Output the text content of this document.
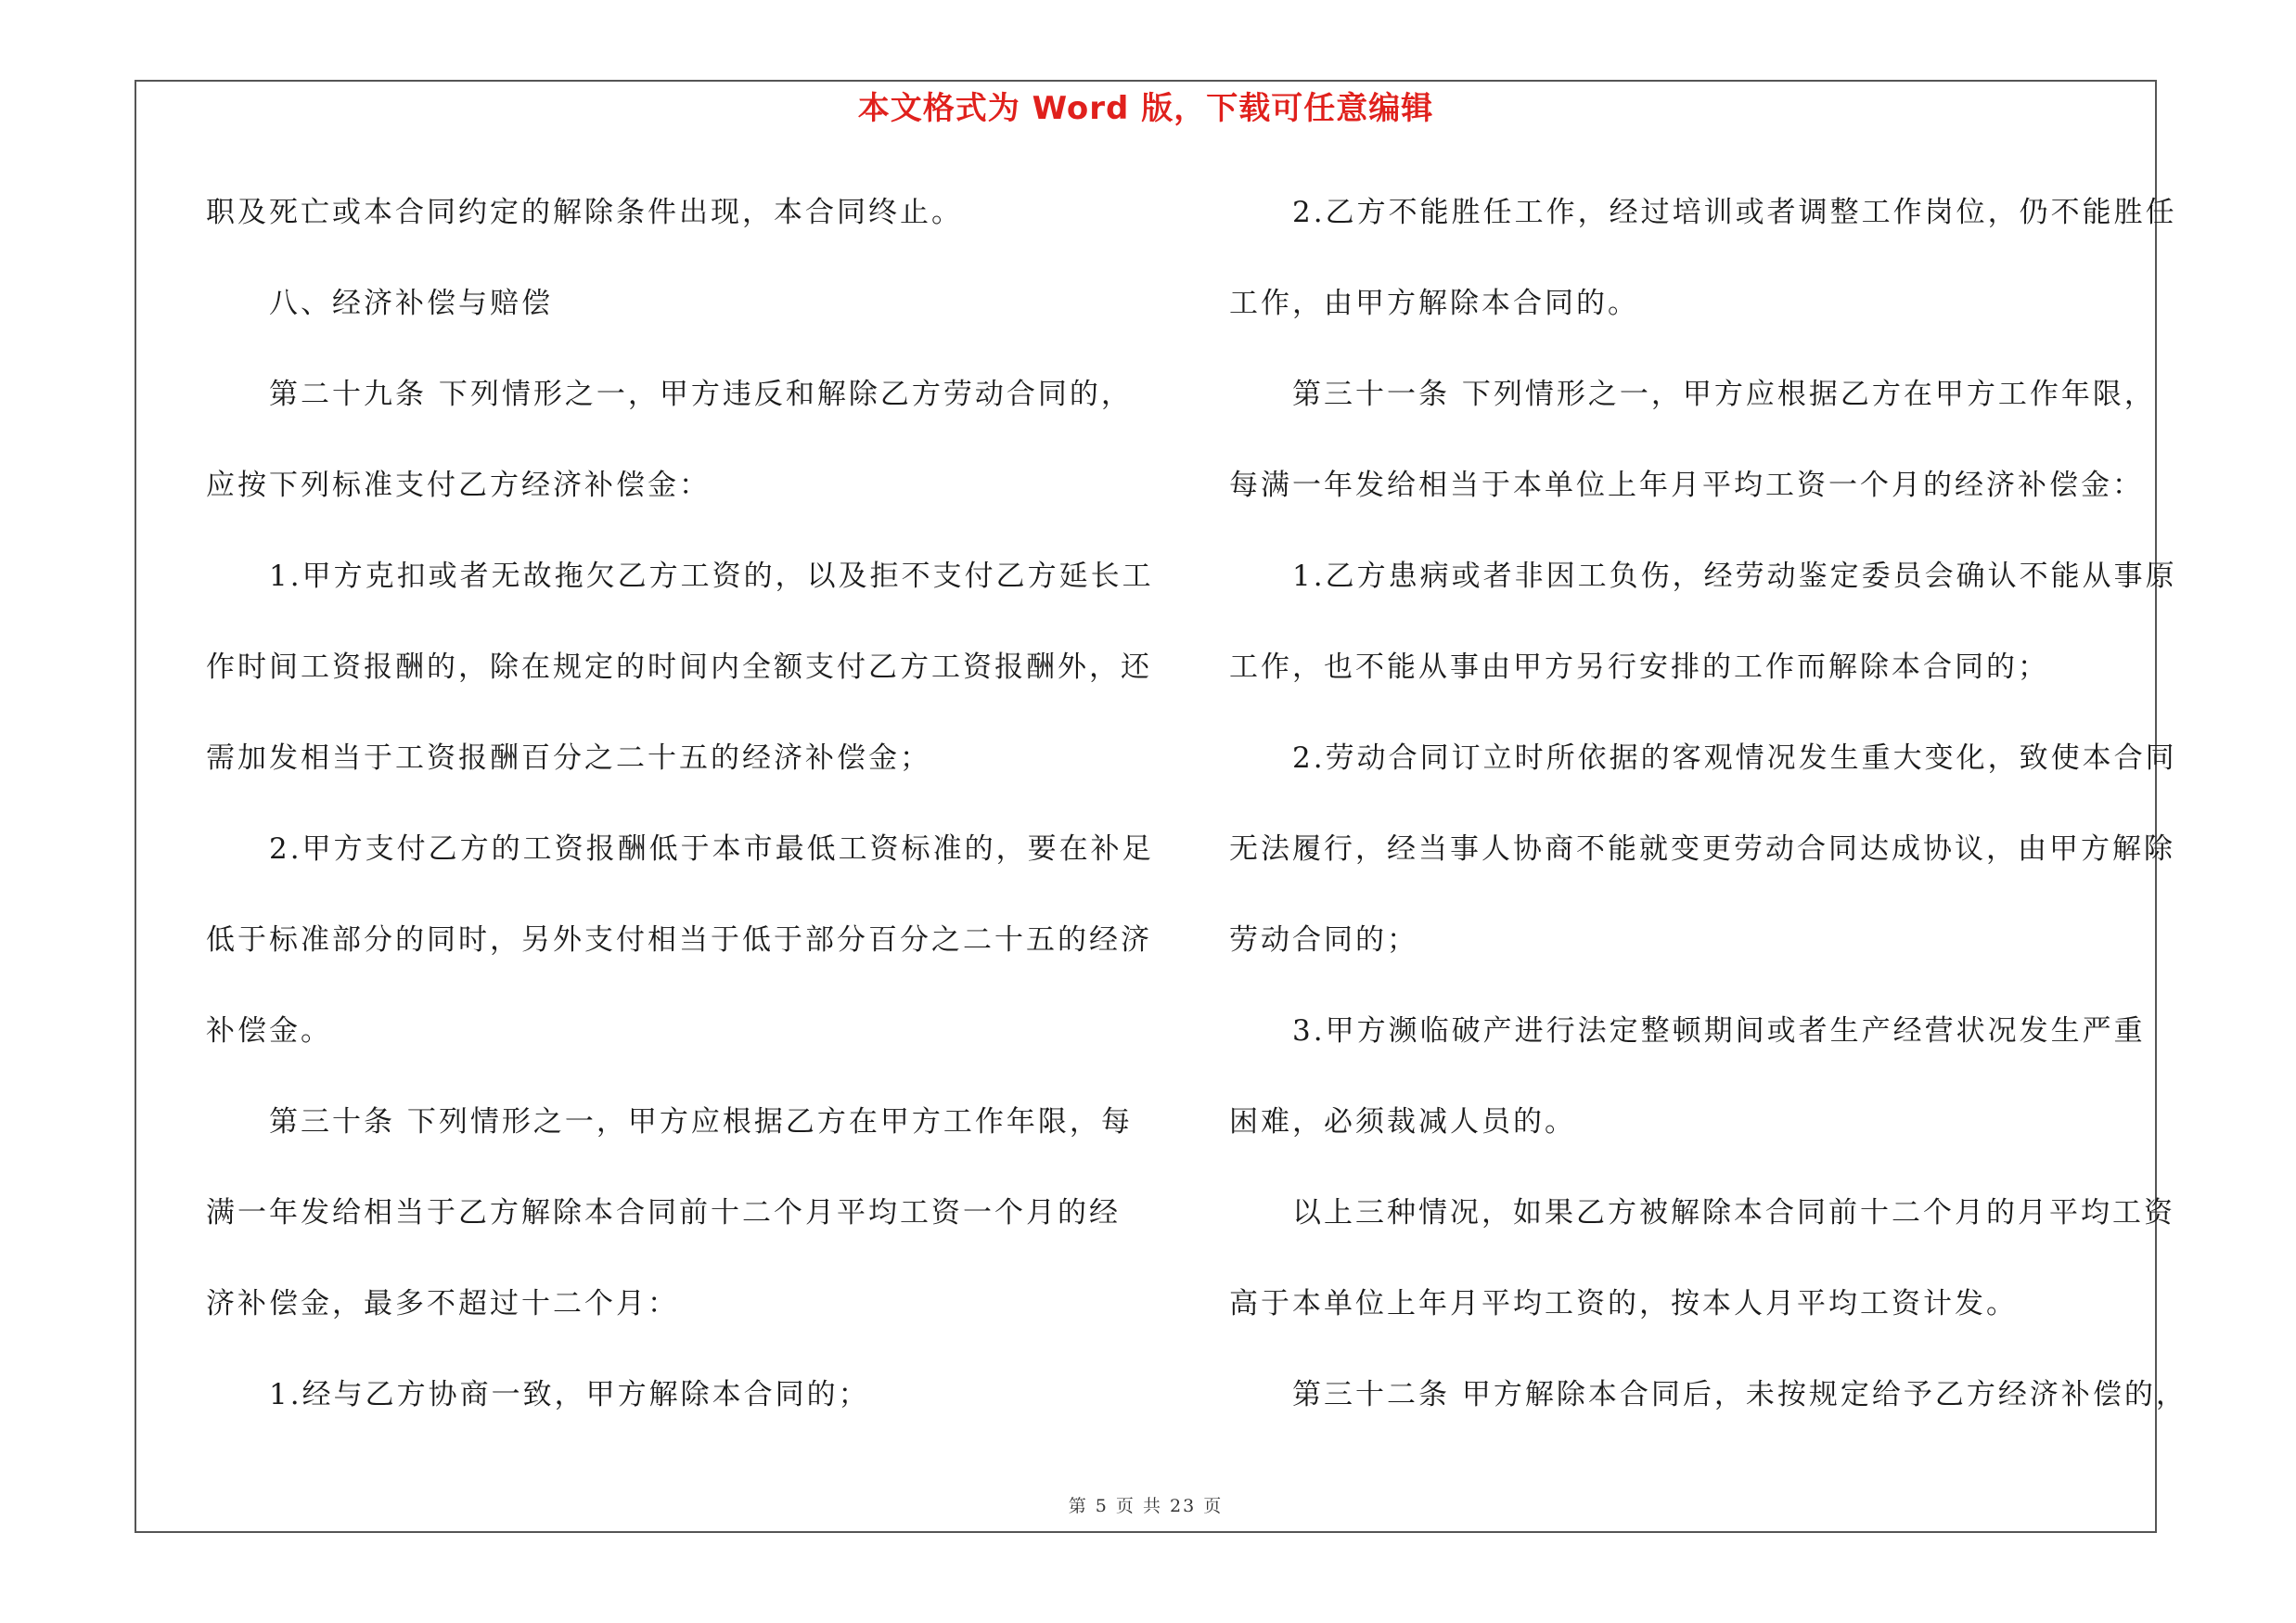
本文格式为 Word 版，下载可任意编辑
职及死亡或本合同约定的解除条件出现，本合同终止。
八、经济补偿与赔偿
第二十九条 下列情形之一，甲方违反和解除乙方劳动合同的，
应按下列标准支付乙方经济补偿金：
1.甲方克扣或者无故拖欠乙方工资的，以及拒不支付乙方延长工
作时间工资报酬的，除在规定的时间内全额支付乙方工资报酬外，还
需加发相当于工资报酬百分之二十五的经济补偿金；
2.甲方支付乙方的工资报酬低于本市最低工资标准的，要在补足
低于标准部分的同时，另外支付相当于低于部分百分之二十五的经济
补偿金。
第三十条 下列情形之一，甲方应根据乙方在甲方工作年限，每
满一年发给相当于乙方解除本合同前十二个月平均工资一个月的经
济补偿金，最多不超过十二个月：
1.经与乙方协商一致，甲方解除本合同的；
2.乙方不能胜任工作，经过培训或者调整工作岗位，仍不能胜任
工作，由甲方解除本合同的。
第三十一条 下列情形之一，甲方应根据乙方在甲方工作年限，
每满一年发给相当于本单位上年月平均工资一个月的经济补偿金：
1.乙方患病或者非因工负伤，经劳动鉴定委员会确认不能从事原
工作，也不能从事由甲方另行安排的工作而解除本合同的；
2.劳动合同订立时所依据的客观情况发生重大变化，致使本合同
无法履行，经当事人协商不能就变更劳动合同达成协议，由甲方解除
劳动合同的；
3.甲方濒临破产进行法定整顿期间或者生产经营状况发生严重
困难，必须裁减人员的。
以上三种情况，如果乙方被解除本合同前十二个月的月平均工资
高于本单位上年月平均工资的，按本人月平均工资计发。
第三十二条 甲方解除本合同后，未按规定给予乙方经济补偿的，
第 5 页 共 23 页
